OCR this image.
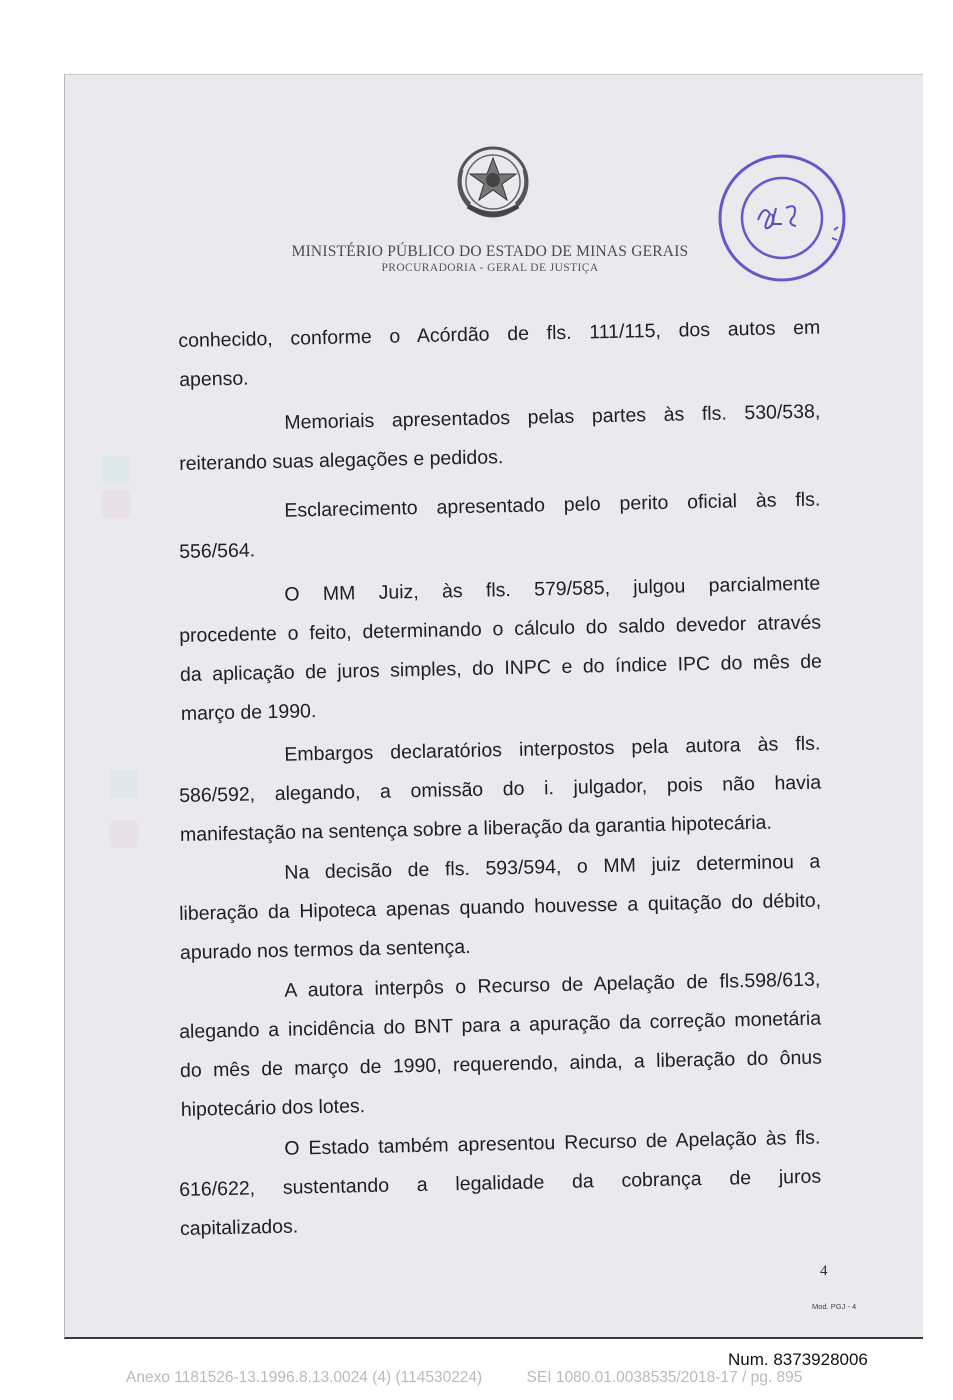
MINISTÉRIO PÚBLICO DO ESTADO DE MINAS GERAIS
PROCURADORIA - GERAL DE JUSTIÇA
conhecido, conforme o Acórdão de fls. 111/115, dos autos em
apenso.
Memoriais apresentados pelas partes às fls. 530/538,
reiterando suas alegações e pedidos.
Esclarecimento apresentado pelo perito oficial às fls.
556/564.
O MM Juiz, às fls. 579/585, julgou parcialmente
procedente o feito, determinando o cálculo do saldo devedor através
da aplicação de juros simples, do INPC e do índice IPC do mês de
março de 1990.
Embargos declaratórios interpostos pela autora às fls.
586/592, alegando, a omissão do i. julgador, pois não havia
manifestação na sentença sobre a liberação da garantia hipotecária.
Na decisão de fls. 593/594, o MM juiz determinou a
liberação da Hipoteca apenas quando houvesse a quitação do débito,
apurado nos termos da sentença.
A autora interpôs o Recurso de Apelação de fls.598/613,
alegando a incidência do BNT para a apuração da correção monetária
do mês de março de 1990, requerendo, ainda, a liberação do ônus
hipotecário dos lotes.
O Estado também apresentou Recurso de Apelação às fls.
616/622, sustentando a legalidade da cobrança de juros
capitalizados.
4
Mod. PGJ - 4
Num. 8373928006
Anexo 1181526-13.1996.8.13.0024 (4) (114530224)	SEI 1080.01.0038535/2018-17 / pg. 895
